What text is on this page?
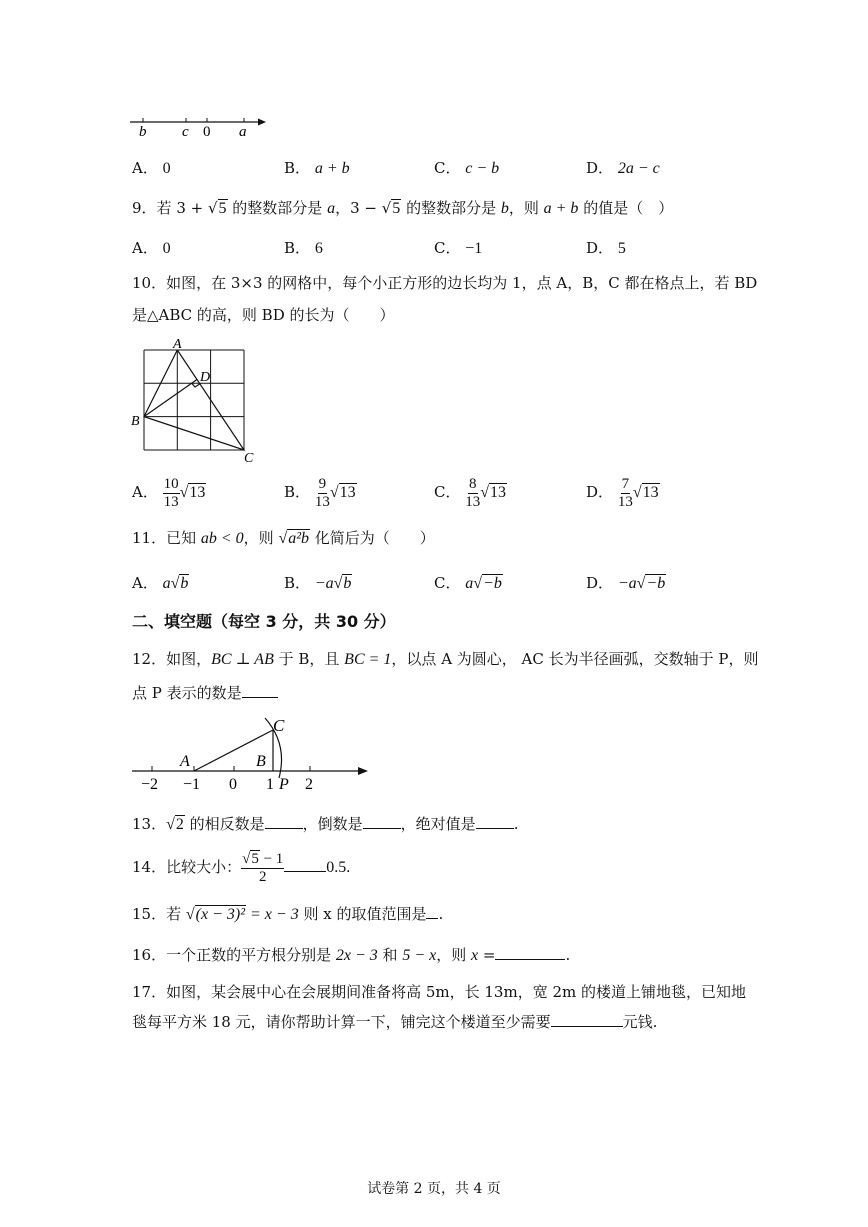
b c 0 a
A． 0	B． a + b	C． c − b	D． 2a − c
9．若 3 + √5 的整数部分是 a，3 − √5 的整数部分是 b，则 a + b 的值是（　）
A． 0	B． 6	C． −1	D． 5
10．如图，在 3×3 的网格中，每个小正方形的边长均为 1，点 A，B，C 都在格点上，若 BD
是△ABC 的高，则 BD 的长为（　　）
A
D
B
C
A． $\frac{10}{13} √13$	B． $\frac{9}{13} √13$	C． $\frac{8}{13} √13$	D． $\frac{7}{13} √13$
11．已知 ab < 0，则 √a²b 化简后为（　　）
A． a√b	B． −a√b	C． a√−b	D． −a√−b
二、填空题（每空 3 分，共 30 分）
12．如图，BC ⊥ AB 于 B，且 BC = 1，以点 A 为圆心， AC 长为半径画弧，交数轴于 P，则
点 P 表示的数是
A	B
C
P
−2 −1 0 1 2
13．√2 的相反数是	，倒数是	，绝对值是	.
14．比较大小： $\frac{√5 - 1}{2}$	0.5.
15．若 √(x − 3)² = x − 3 则 x 的取值范围是 .
16．一个正数的平方根分别是 2x − 3 和 5 − x，则 x =	.
17．如图，某会展中心在会展期间准备将高 5m，长 13m，宽 2m 的楼道上铺地毯，已知地
毯每平方米 18 元，请你帮助计算一下，铺完这个楼道至少需要	元钱.
试卷第 2 页，共 4 页
